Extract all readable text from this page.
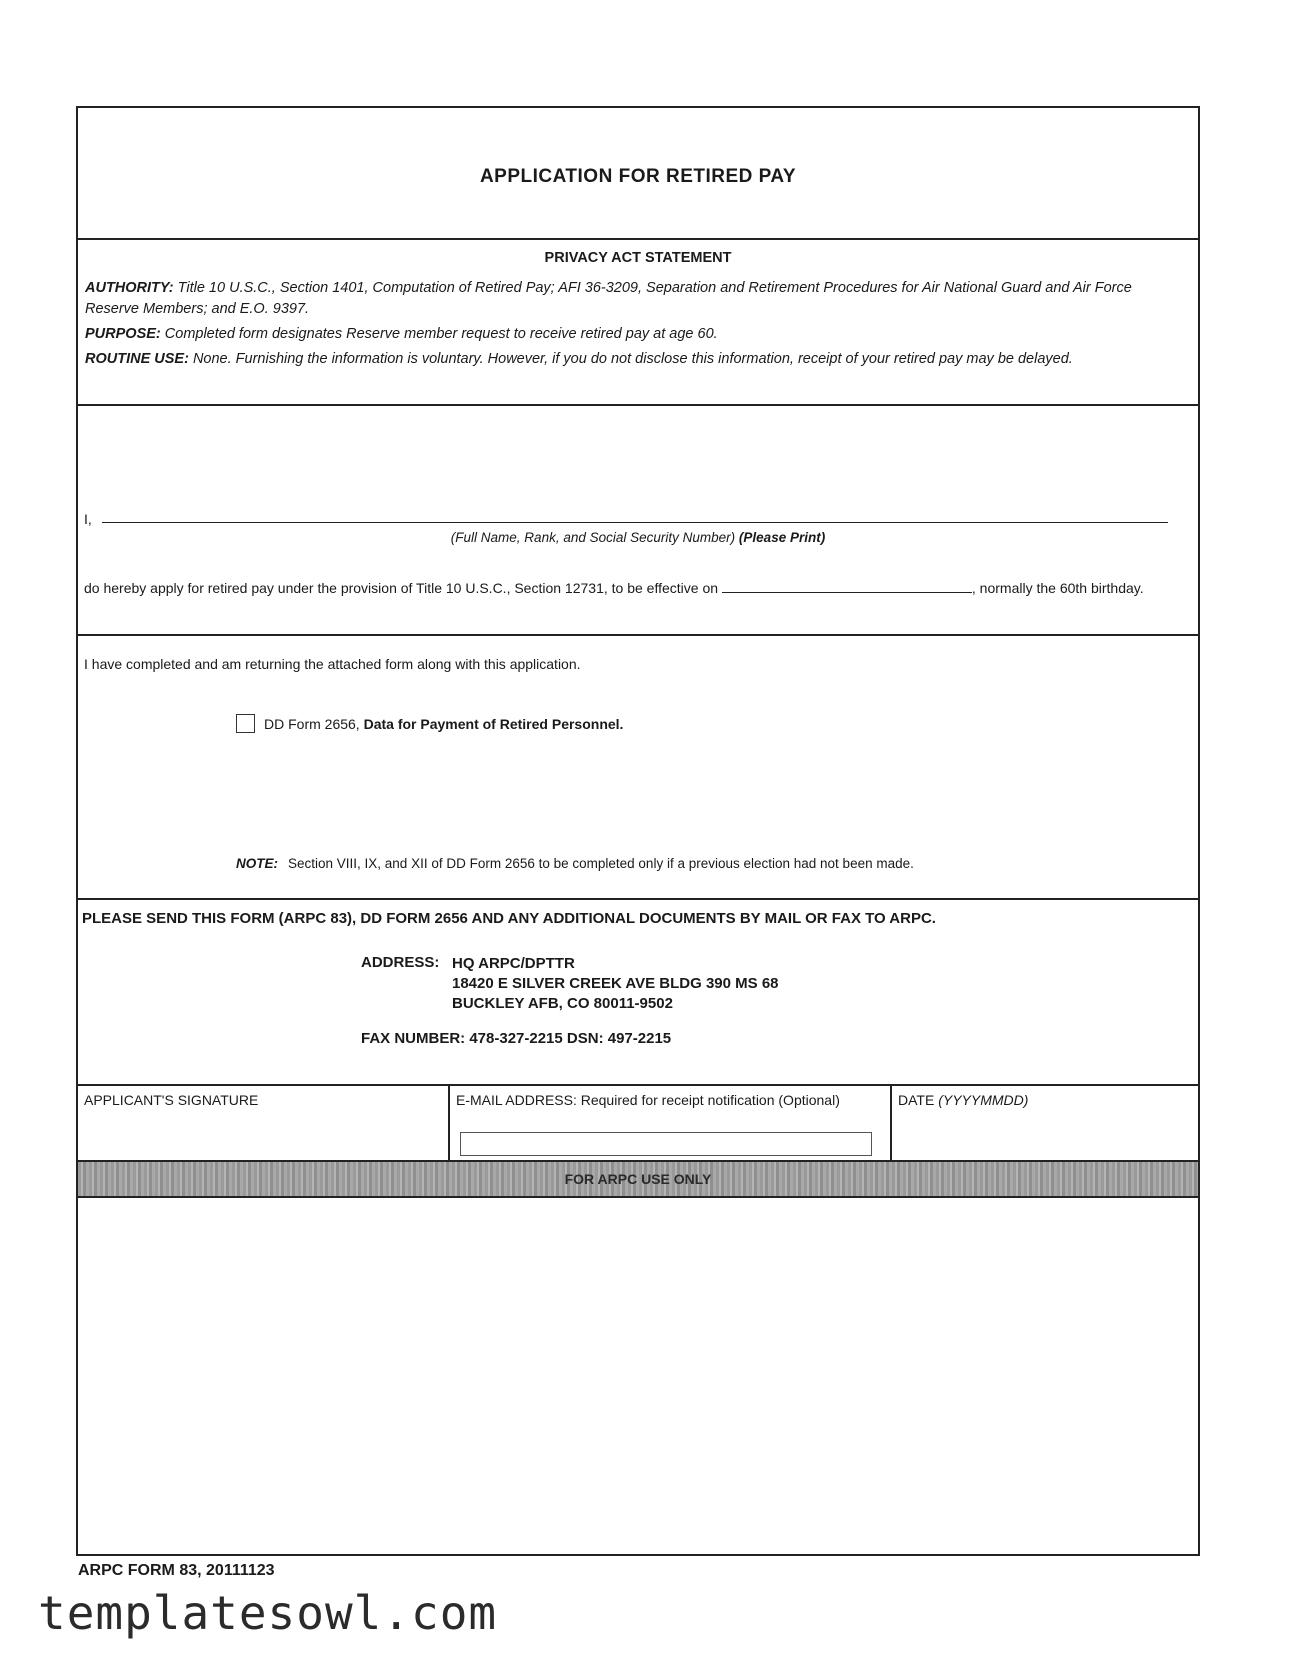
APPLICATION FOR RETIRED PAY
PRIVACY ACT STATEMENT

AUTHORITY: Title 10 U.S.C., Section 1401, Computation of Retired Pay; AFI 36-3209, Separation and Retirement Procedures for Air National Guard and Air Force Reserve Members; and E.O. 9397.

PURPOSE: Completed form designates Reserve member request to receive retired pay at age 60.

ROUTINE USE: None. Furnishing the information is voluntary. However, if you do not disclose this information, receipt of your retired pay may be delayed.

I,
(Full Name, Rank, and Social Security Number) (Please Print)
do hereby apply for retired pay under the provision of Title 10 U.S.C., Section 12731, to be effective on	, normally the 60th birthday.
I have completed and am returning the attached form along with this application.
DD Form 2656,
Data for Payment of Retired Personnel.
NOTE: Section VIII, IX, and XII of DD Form 2656 to be completed only if a previous election had not been made.
PLEASE SEND THIS FORM (ARPC 83), DD FORM 2656 AND ANY ADDITIONAL DOCUMENTS BY MAIL OR FAX TO ARPC.
ADDRESS: HQ ARPC/DPTTR
18420 E SILVER CREEK AVE BLDG 390 MS 68
BUCKLEY AFB, CO 80011-9502
FAX NUMBER: 478-327-2215 DSN: 497-2215
APPLICANT'S SIGNATURE	E-MAIL ADDRESS: Required for receipt notification (Optional)	DATE (YYYYMMDD)
FOR ARPC USE ONLY
ARPC FORM 83, 20111123
templatesowl.com
